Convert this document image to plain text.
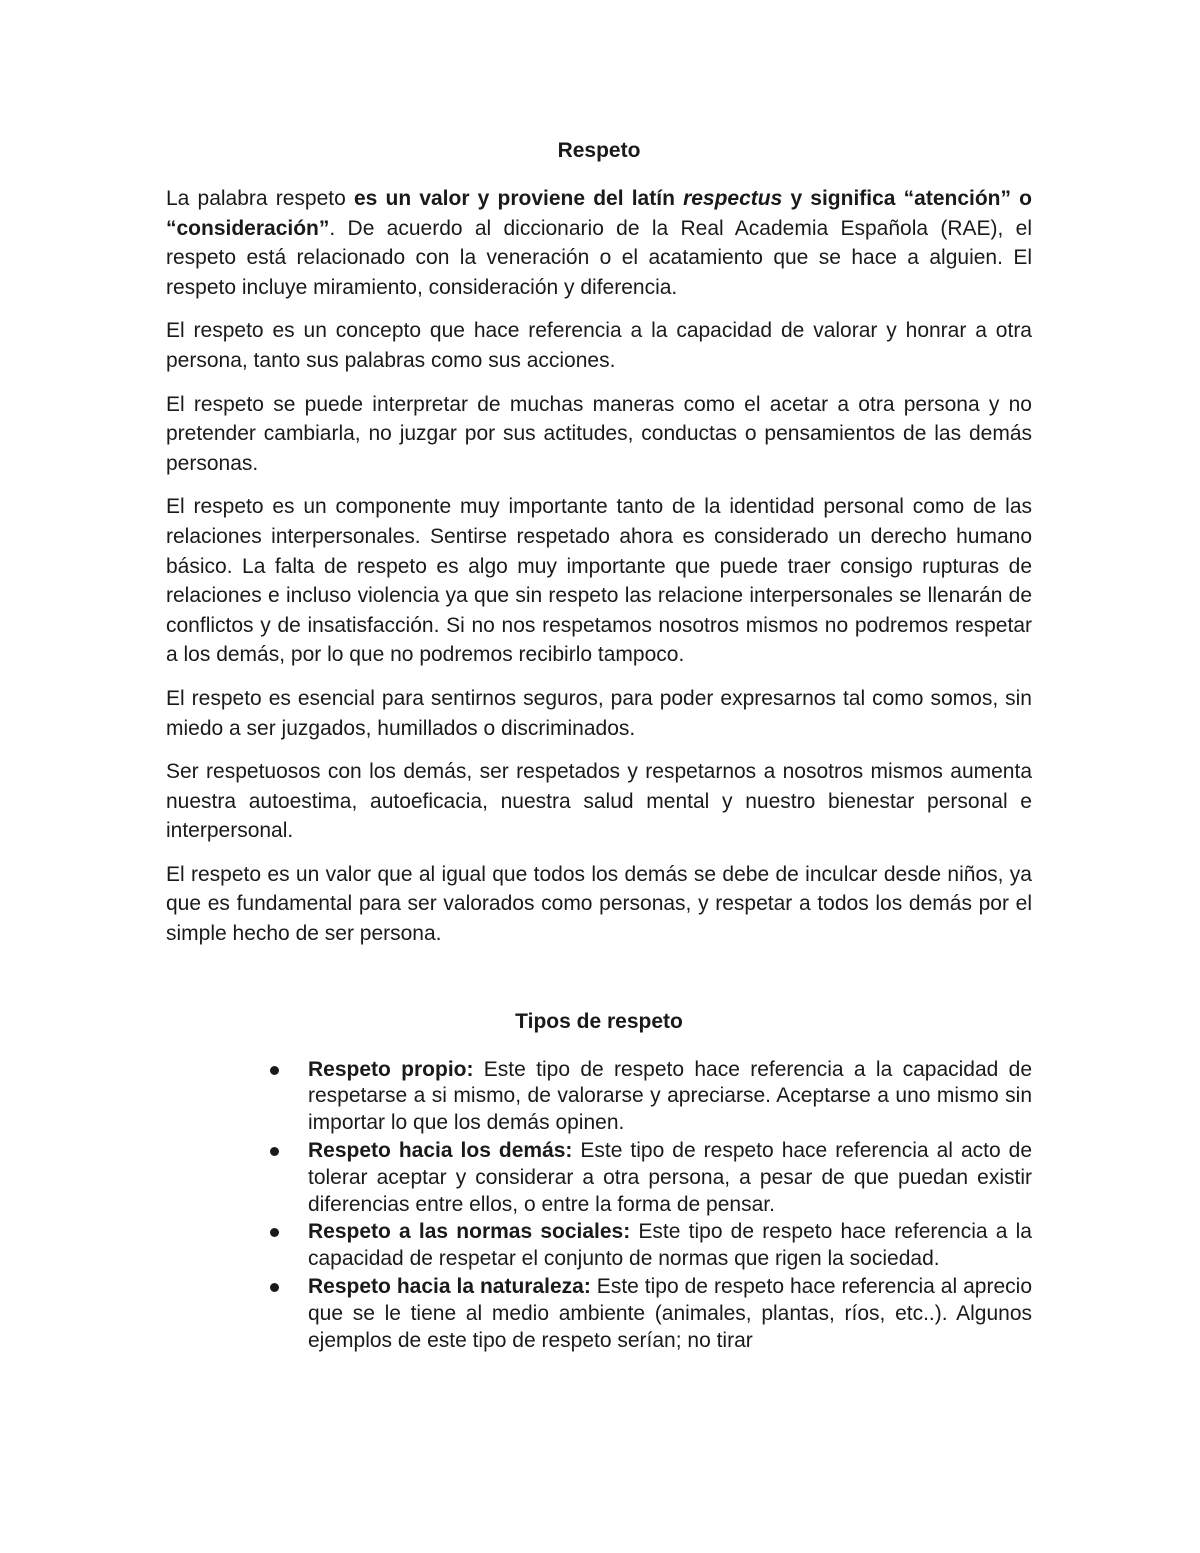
Respeto

La palabra respeto es un valor y proviene del latín respectus y significa “atención” o “consideración”. De acuerdo al diccionario de la Real Academia Española (RAE), el respeto está relacionado con la veneración o el acatamiento que se hace a alguien. El respeto incluye miramiento, consideración y diferencia.

El respeto es un concepto que hace referencia a la capacidad de valorar y honrar a otra persona, tanto sus palabras como sus acciones.

El respeto se puede interpretar de muchas maneras como el acetar a otra persona y no pretender cambiarla, no juzgar por sus actitudes, conductas o pensamientos de las demás personas.

El respeto es un componente muy importante tanto de la identidad personal como de las relaciones interpersonales. Sentirse respetado ahora es considerado un derecho humano básico. La falta de respeto es algo muy importante que puede traer consigo rupturas de relaciones e incluso violencia ya que sin respeto las relacione interpersonales se llenarán de conflictos y de insatisfacción. Si no nos respetamos nosotros mismos no podremos respetar a los demás, por lo que no podremos recibirlo tampoco.

El respeto es esencial para sentirnos seguros, para poder expresarnos tal como somos, sin miedo a ser juzgados, humillados o discriminados.

Ser respetuosos con los demás, ser respetados y respetarnos a nosotros mismos aumenta nuestra autoestima, autoeficacia, nuestra salud mental y nuestro bienestar personal e interpersonal.

El respeto es un valor que al igual que todos los demás se debe de inculcar desde niños, ya que es fundamental para ser valorados como personas, y respetar a todos los demás por el simple hecho de ser persona.

Tipos de respeto
Respeto propio: Este tipo de respeto hace referencia a la capacidad de respetarse a si mismo, de valorarse y apreciarse. Aceptarse a uno mismo sin importar lo que los demás opinen.
Respeto hacia los demás: Este tipo de respeto hace referencia al acto de tolerar aceptar y considerar a otra persona, a pesar de que puedan existir diferencias entre ellos, o entre la forma de pensar.
Respeto a las normas sociales: Este tipo de respeto hace referencia a la capacidad de respetar el conjunto de normas que rigen la sociedad.
Respeto hacia la naturaleza: Este tipo de respeto hace referencia al aprecio que se le tiene al medio ambiente (animales, plantas, ríos, etc..). Algunos ejemplos de este tipo de respeto serían; no tirar
